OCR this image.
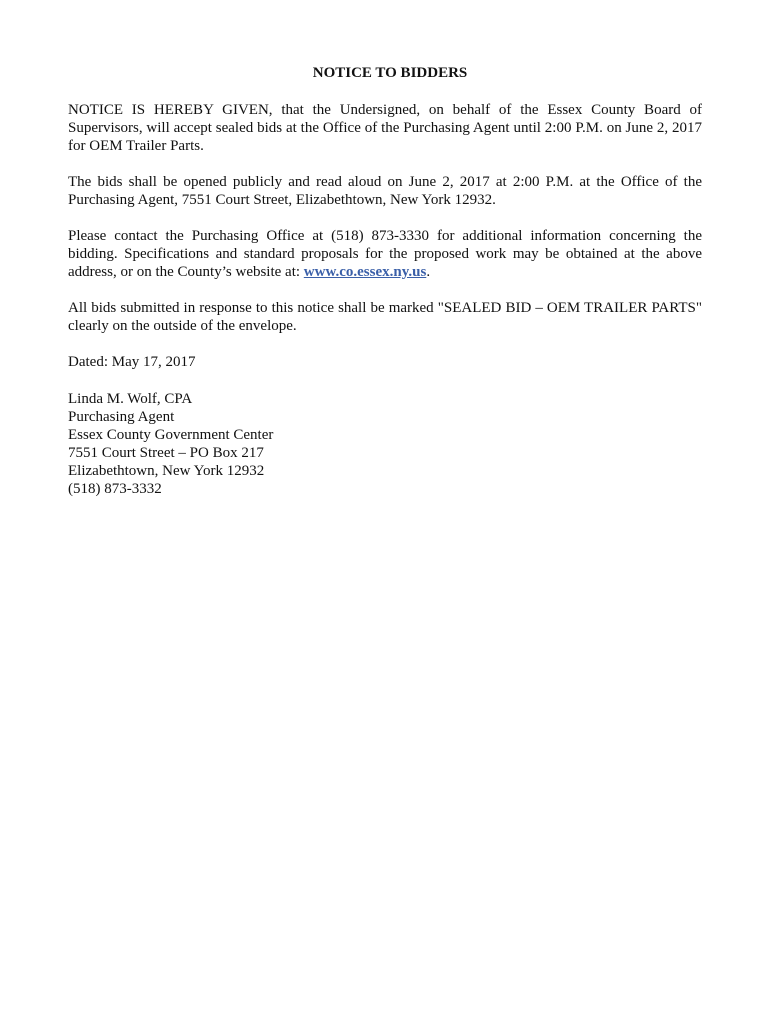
NOTICE TO BIDDERS

NOTICE IS HEREBY GIVEN, that the Undersigned, on behalf of the Essex County Board of Supervisors, will accept sealed bids at the Office of the Purchasing Agent until 2:00 P.M. on June 2, 2017 for OEM Trailer Parts.

The bids shall be opened publicly and read aloud on June 2, 2017 at 2:00 P.M. at the Office of the Purchasing Agent, 7551 Court Street, Elizabethtown, New York 12932.

Please contact the Purchasing Office at (518) 873-3330 for additional information concerning the bidding. Specifications and standard proposals for the proposed work may be obtained at the above address, or on the County’s website at: www.co.essex.ny.us.

All bids submitted in response to this notice shall be marked "SEALED BID – OEM TRAILER PARTS" clearly on the outside of the envelope.

Dated: May 17, 2017

Linda M. Wolf, CPA
Purchasing Agent
Essex County Government Center
7551 Court Street – PO Box 217
Elizabethtown, New York 12932
(518) 873-3332
